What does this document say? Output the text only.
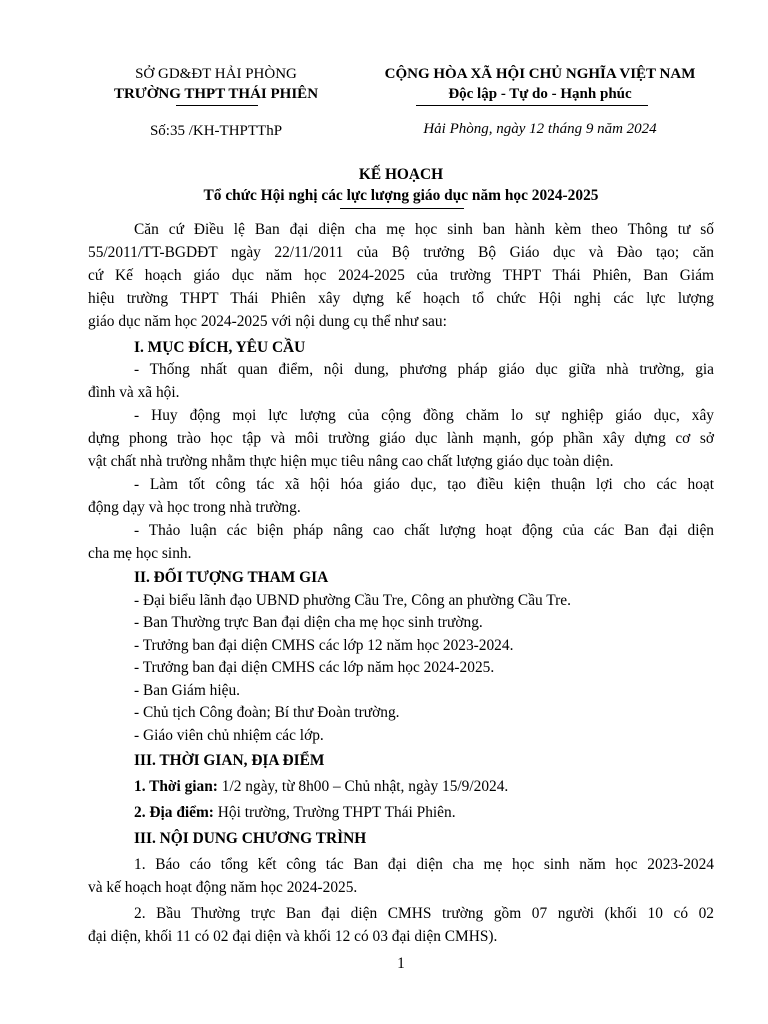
SỞ GD&ĐT HẢI PHÒNG
TRƯỜNG THPT THÁI PHIÊN
CỘNG HÒA XÃ HỘI CHỦ NGHĨA VIỆT NAM
Độc lập - Tự do - Hạnh phúc
Số:35 /KH-THPTThP	Hải Phòng, ngày 12 tháng 9 năm 2024
KẾ HOẠCH
Tổ chức Hội nghị các lực lượng giáo dục năm học 2024-2025
Căn cứ Điều lệ Ban đại diện cha mẹ học sinh ban hành kèm theo Thông tư số
55/2011/TT-BGDĐT ngày 22/11/2011 của Bộ trưởng Bộ Giáo dục và Đào tạo; căn
cứ Kế hoạch giáo dục năm học 2024-2025 của trường THPT Thái Phiên, Ban Giám
hiệu trường THPT Thái Phiên xây dựng kế hoạch tổ chức Hội nghị các lực lượng
giáo dục năm học 2024-2025 với nội dung cụ thể như sau:
I. MỤC ĐÍCH, YÊU CẦU
- Thống nhất quan điểm, nội dung, phương pháp giáo dục giữa nhà trường, gia
đình và xã hội.
- Huy động mọi lực lượng của cộng đồng chăm lo sự nghiệp giáo dục, xây
dựng phong trào học tập và môi trường giáo dục lành mạnh, góp phần xây dựng cơ sở
vật chất nhà trường nhằm thực hiện mục tiêu nâng cao chất lượng giáo dục toàn diện.
- Làm tốt công tác xã hội hóa giáo dục, tạo điều kiện thuận lợi cho các hoạt
động dạy và học trong nhà trường.
- Thảo luận các biện pháp nâng cao chất lượng hoạt động của các Ban đại diện
cha mẹ học sinh.
II. ĐỐI TƯỢNG THAM GIA
- Đại biểu lãnh đạo UBND phường Cầu Tre, Công an phường Cầu Tre.
- Ban Thường trực Ban đại diện cha mẹ học sinh trường.
- Trưởng ban đại diện CMHS các lớp 12 năm học 2023-2024.
- Trưởng ban đại diện CMHS các lớp năm học 2024-2025.
- Ban Giám hiệu.
- Chủ tịch Công đoàn; Bí thư Đoàn trường.
- Giáo viên chủ nhiệm các lớp.
III. THỜI GIAN, ĐỊA ĐIỂM
1. Thời gian: 1/2 ngày, từ 8h00 – Chủ nhật, ngày 15/9/2024.
2. Địa điểm: Hội trường, Trường THPT Thái Phiên.
III. NỘI DUNG CHƯƠNG TRÌNH
1. Báo cáo tổng kết công tác Ban đại diện cha mẹ học sinh năm học 2023-2024
và kế hoạch hoạt động năm học 2024-2025.
2. Bầu Thường trực Ban đại diện CMHS trường gồm 07 người (khối 10 có 02
đại diện, khối 11 có 02 đại diện và khối 12 có 03 đại diện CMHS).
1
